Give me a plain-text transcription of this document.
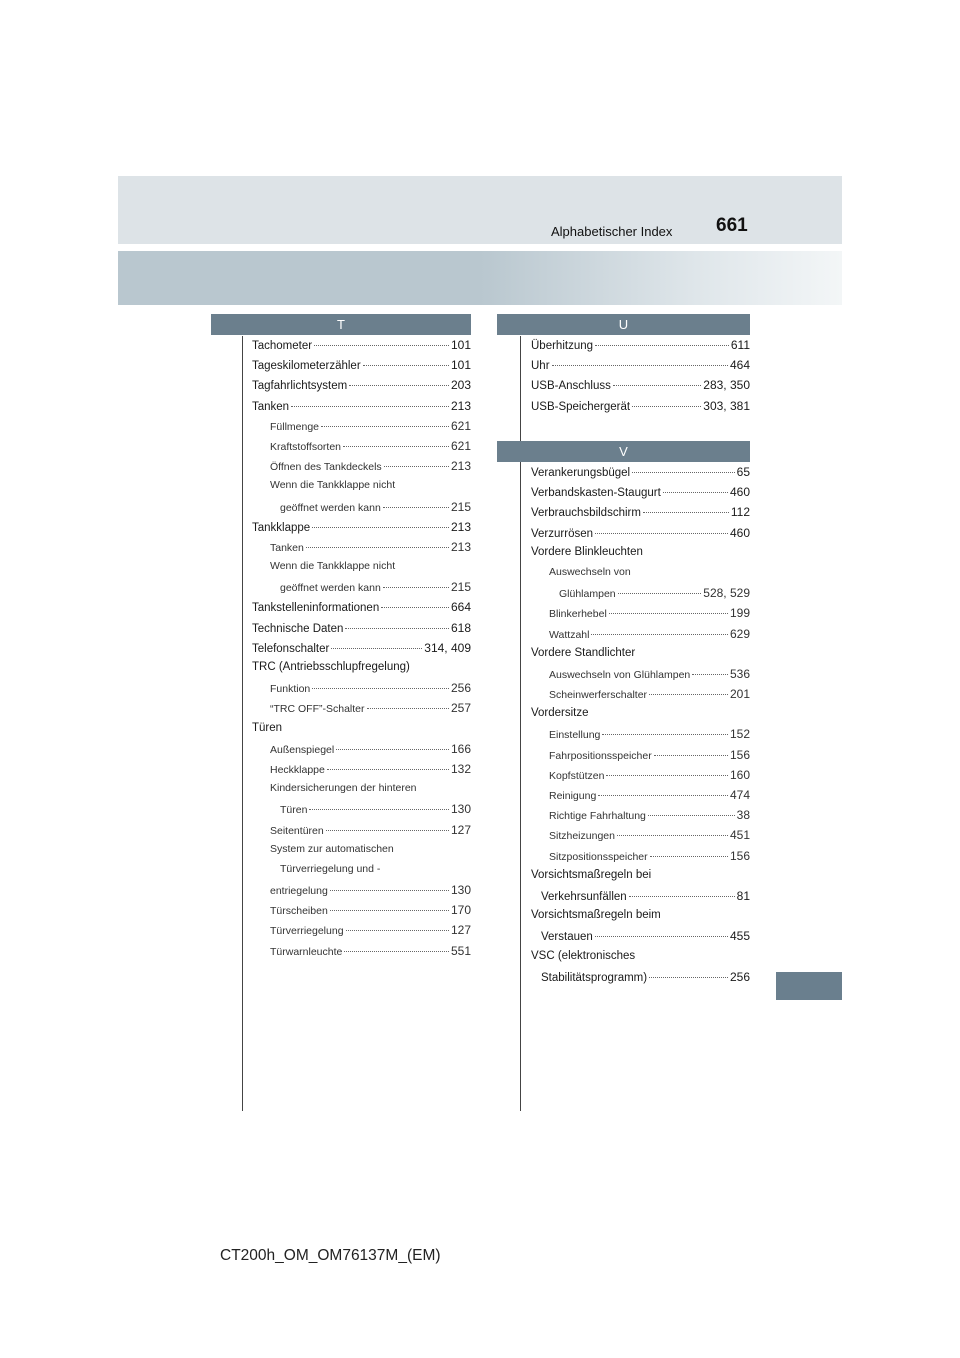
Alphabetischer Index 661
T
Tachometer	101
Tageskilometerzähler	101
Tagfahrlichtsystem	203
Tanken	213
Füllmenge	621
Kraftstoffsorten	621
Öffnen des Tankdeckels	213
Wenn die Tankklappe nicht
geöffnet werden kann	215
Tankklappe	213
Tanken	213
Wenn die Tankklappe nicht
geöffnet werden kann	215
Tankstelleninformationen	664
Technische Daten	618
Telefonschalter	314, 409
TRC (Antriebsschlupfregelung)
Funktion	256
“TRC OFF”-Schalter	257
Türen
Außenspiegel	166
Heckklappe	132
Kindersicherungen der hinteren
Türen	130
Seitentüren	127
System zur automatischen
Türverriegelung und -
entriegelung	130
Türscheiben	170
Türverriegelung	127
Türwarnleuchte	551
U
Überhitzung	611
Uhr	464
USB-Anschluss	283, 350
USB-Speichergerät	303, 381
V
Verankerungsbügel	65
Verbandskasten-Staugurt	460
Verbrauchsbildschirm	112
Verzurrösen	460
Vordere Blinkleuchten
Auswechseln von
Glühlampen	528, 529
Blinkerhebel	199
Wattzahl	629
Vordere Standlichter
Auswechseln von Glühlampen	536
Scheinwerferschalter	201
Vordersitze
Einstellung	152
Fahrpositionsspeicher	156
Kopfstützen	160
Reinigung	474
Richtige Fahrhaltung	38
Sitzheizungen	451
Sitzpositionsspeicher	156
Vorsichtsmaßregeln bei
Verkehrsunfällen	81
Vorsichtsmaßregeln beim
Verstauen	455
VSC (elektronisches
Stabilitätsprogramm)	256
CT200h_OM_OM76137M_(EM)
